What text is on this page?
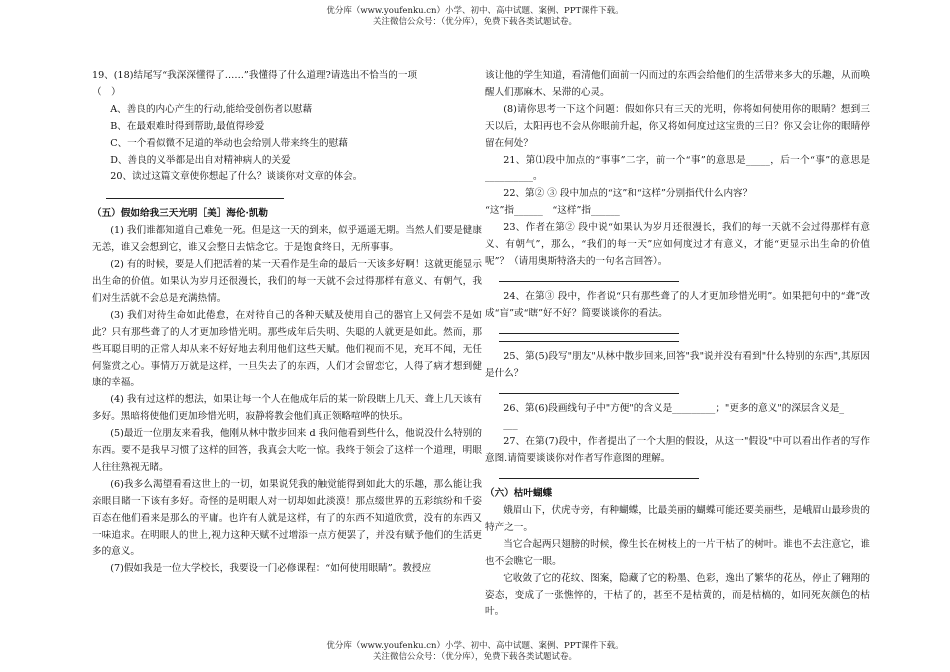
优分库（www.youfenku.cn）小学、初中、高中试题、案例、PPT课件下载。
关注微信公众号：（优分库），免费下载各类试题试卷。

19、(18)结尾写“我深深懂得了……”我懂得了什么道理?请选出不恰当的一项

（　）

A、善良的内心产生的行动,能给受创伤者以慰藉

B、在最艰难时得到帮助,最值得珍爱

C、一个看似微不足道的举动也会给别人带来终生的慰藉

D、善良的义举都是出自对精神病人的关爱

20、读过这篇文章使你想起了什么？谈谈你对文章的体会。

（五）假如给我三天光明［美］海伦·凯勒

(1) 我们谁都知道自己难免一死。但是这一天的到来，似乎遥遥无期。当然人们要是健康无恙，谁又会想到它，谁又会整日去惦念它。于是饱食终日，无所事事。

(2) 有的时候，要是人们把活着的某一天看作是生命的最后一天该多好啊！这就更能显示出生命的价值。如果认为岁月还很漫长，我们的每一天就不会过得那样有意义、有朝气，我们对生活就不会总是充满热情。

(3) 我们对待生命如此倦怠，在对待自己的各种天赋及使用自己的器官上又何尝不是如此？只有那些聋了的人才更加珍惜光明。那些成年后失明、失聪的人就更是如此。然而，那些耳聪目明的正常人却从来不好好地去利用他们这些天赋。他们视而不见，充耳不闻，无任何鉴赏之心。事情万万就是这样，一旦失去了的东西，人们才会留恋它，人得了病才想到健康的幸福。

(4) 我有过这样的想法，如果让每一个人在他成年后的某一阶段瞎上几天、聋上几天该有多好。黑暗将使他们更加珍惜光明，寂静将教会他们真正领略喧哗的快乐。

(5)最近一位朋友来看我，他刚从林中散步回来 d 我问他看到些什么，他说没什么特别的东西。要不是我早习惯了这样的回答，我真会大吃一惊。我终于领会了这样一个道理，明眼人往往熟视无睹。

(6)我多么渴望看看这世上的一切，如果说凭我的触觉能得到如此大的乐趣，那么能让我亲眼目睹一下该有多好。奇怪的是明眼人对一切却如此淡漠！那点缀世界的五彩缤纷和千姿百态在他们看来是那么的平庸。也许有人就是这样，有了的东西不知道欣赏，没有的东西又一味追求。在明眼人的世上,视力这种天赋不过增添一点方便罢了，并没有赋予他们的生活更多的意义。

(7)假如我是一位大学校长，我要设一门必修课程：“如何使用眼睛”。教授应

该让他的学生知道，看清他们面前一闪而过的东西会给他们的生活带来多大的乐趣，从而唤醒人们那麻木、呆滞的心灵。

(8)请你思考一下这个问题：假如你只有三天的光明，你将如何使用你的眼睛？想到三天以后，太阳再也不会从你眼前升起，你又将如何度过这宝贵的三日？你又会让你的眼睛停留在何处？

21、第⑴段中加点的“事事”二字，前一个“事”的意思是_____，后一个“事”的意思是__________。

22、第② ③ 段中加点的“这”和“这样”分别指代什么内容？

“这”指______　“这样”指______

23、作者在第② 段中说“如果认为岁月还很漫长，我们的每一天就不会过得那样有意义、有朝气”，那么，“我们的每一天”应如何度过才有意义，才能“更显示出生命的价值呢”？（请用奥斯特洛夫的一句名言回答）。

24、在第③ 段中，作者说“只有那些聋了的人才更加珍惜光明”。如果把句中的“聋”改成“盲”或“瞎”好不好？简要谈谈你的看法。

25、第(5)段写"朋友"从林中散步回来,回答"我"说并没有看到"什么特别的东西",其原因是什么？

26、第(6)段画线句子中"方便"的含义是_________；"更多的意义"的深层含义是_

___

27、在第(7)段中，作者提出了一个大胆的假设，从这一"假设"中可以看出作者的写作意图.请简要谈谈你对作者写作意图的理解。

（六）枯叶蝴蝶

娥眉山下，伏虎寺旁，有种蝴蝶，比最美丽的蝴蝶可能还要美丽些，是峨眉山最珍贵的特产之一。

当它合起两只翅膀的时候，像生长在树枝上的一片干枯了的树叶。谁也不去注意它，谁也不会瞧它一眼。

它收敛了它的花纹、图案，隐藏了它的粉墨、色彩，逸出了繁华的花丛，停止了翱翔的姿态，变成了一张憔悴的，干枯了的，甚至不是枯黄的，而是枯槁的，如同死灰颜色的枯叶。

优分库（www.youfenku.cn）小学、初中、高中试题、案例、PPT课件下载。
关注微信公众号：（优分库），免费下载各类试题试卷。
